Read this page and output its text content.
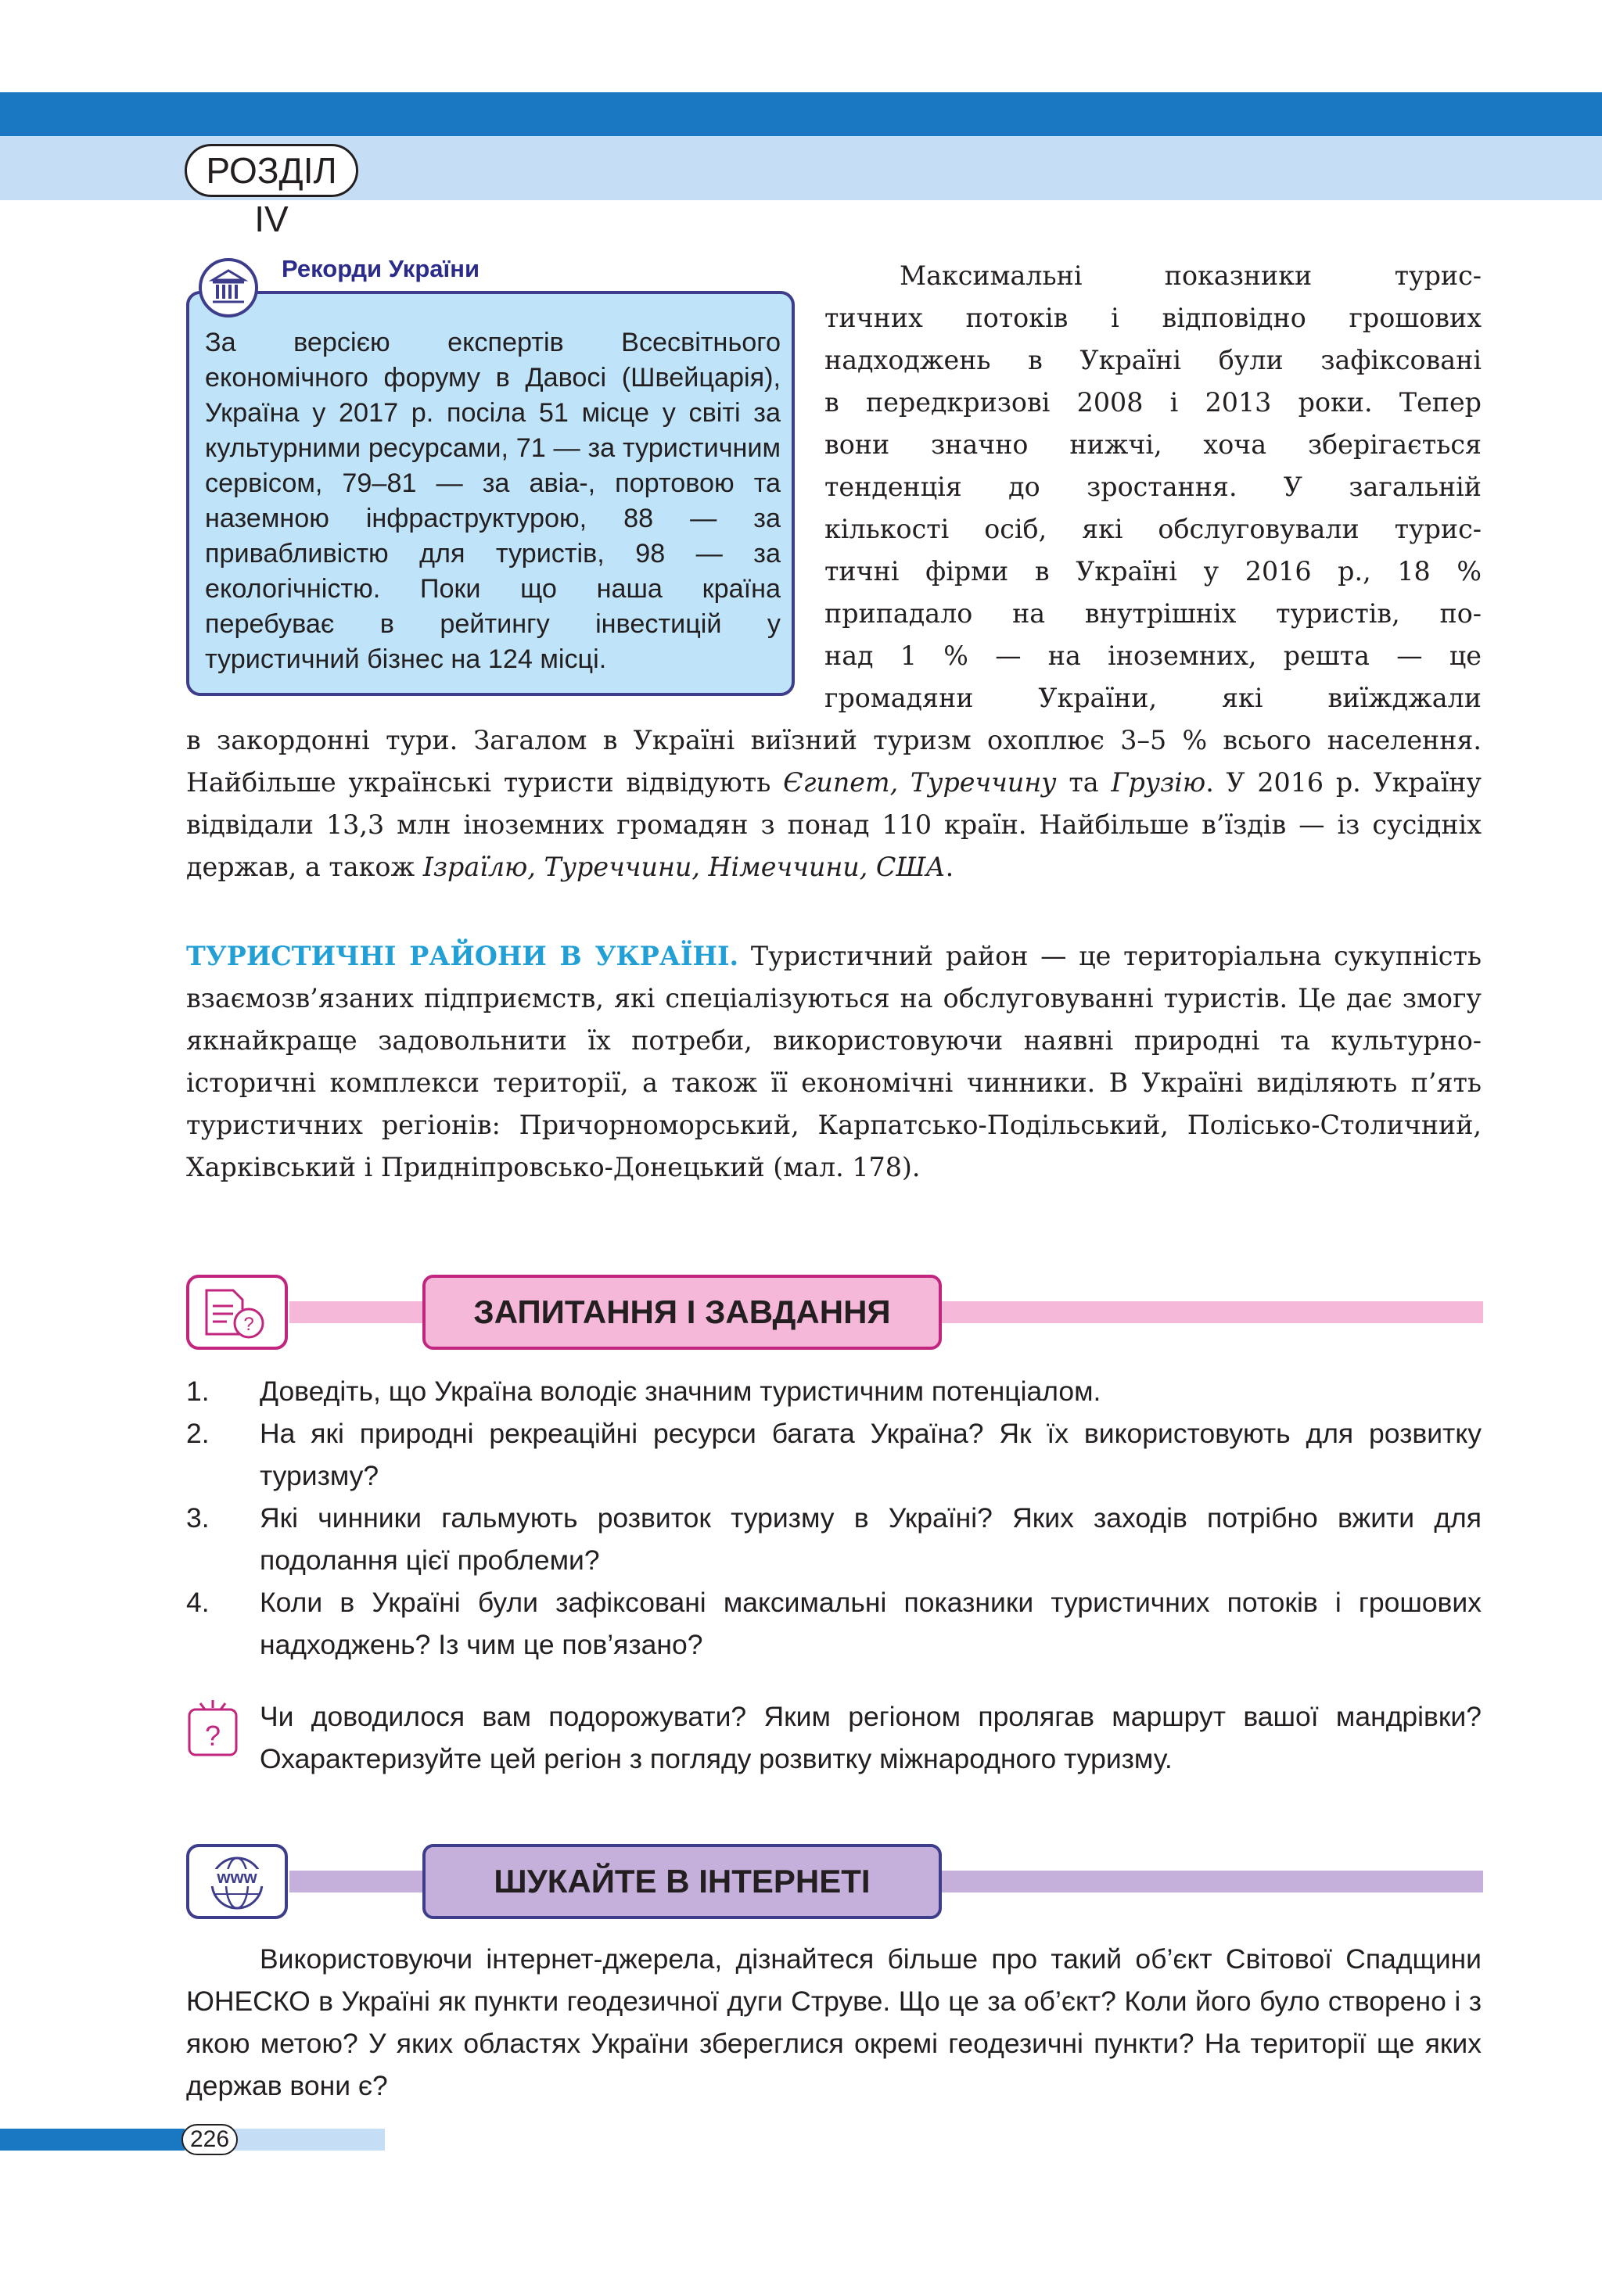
РОЗДІЛ IV
Рекорди України

За версією експертів Всесвітнього економічного форуму в Давосі (Швейцарія), Україна у 2017 р. посіла 51 місце у світі за культурними ресурсами, 71 — за туристичним сервісом, 79–81 — за авіа-, портовою та наземною інфраструктурою, 88 — за привабливістю для туристів, 98 — за екологічністю. Поки що наша країна перебуває в рейтингу інвестицій у туристичний бізнес на 124 місці.

Максимальні показники турис-
тичних потоків і відповідно грошових
надходжень в Україні були зафіксовані
в передкризові 2008 і 2013 роки. Тепер
вони значно нижчі, хоча зберігається
тенденція до зростання. У загальній
кількості осіб, які обслуговували турис-
тичні фірми в Україні у 2016 р., 18 %
припадало на внутрішніх туристів, по-
над 1 % — на іноземних, решта — це
громадяни України, які виїжджали

в закордонні тури. Загалом в Україні виїзний туризм охоплює 3–5 % всього населення. Найбільше українські туристи відвідують Єгипет, Туреччину та Грузію. У 2016 р. Україну відвідали 13,3 млн іноземних громадян з понад 110 країн. Найбільше в’їздів — із сусідніх держав, а також Ізраїлю, Туреччини, Німеччини, США.

ТУРИСТИЧНІ РАЙОНИ В УКРАЇНІ. Туристичний район — це територіальна сукупність взаємозв’язаних підприємств, які спеціалізуються на обслуговуванні туристів. Це дає змогу якнайкраще задовольнити їх потреби, використовуючи наявні природні та культурно-історичні комплекси території, а також її економічні чинники. В Україні виділяють п’ять туристичних регіонів: Причорноморський, Карпатсько-Подільський, Полісько-Столичний, Харківський і Придніпровсько-Донецький (мал. 178).

?	ЗАПИТАННЯ І ЗАВДАННЯ
1. Доведіть, що Україна володіє значним туристичним потенціалом.
2. На які природні рекреаційні ресурси багата Україна? Як їх використовують для розвитку туризму?
3. Які чинники гальмують розвиток туризму в Україні? Яких заходів потрібно вжити для подолання цієї проблеми?
4. Коли в Україні були зафіксовані максимальні показники туристичних потоків і грошових надходжень? Із чим це пов’язано?
?

Чи доводилося вам подорожувати? Яким регіоном пролягав маршрут вашої мандрівки? Охарактеризуйте цей регіон з погляду розвитку міжнародного туризму.

www	ШУКАЙТЕ В ІНТЕРНЕТІ

Використовуючи інтернет-джерела, дізнайтеся більше про такий об’єкт Світової Спадщини ЮНЕСКО в Україні як пункти геодезичної дуги Струве. Що це за об’єкт? Коли його було створено і з якою метою? У яких областях України збереглися окремі геодезичні пункти? На території ще яких держав вони є?

226
